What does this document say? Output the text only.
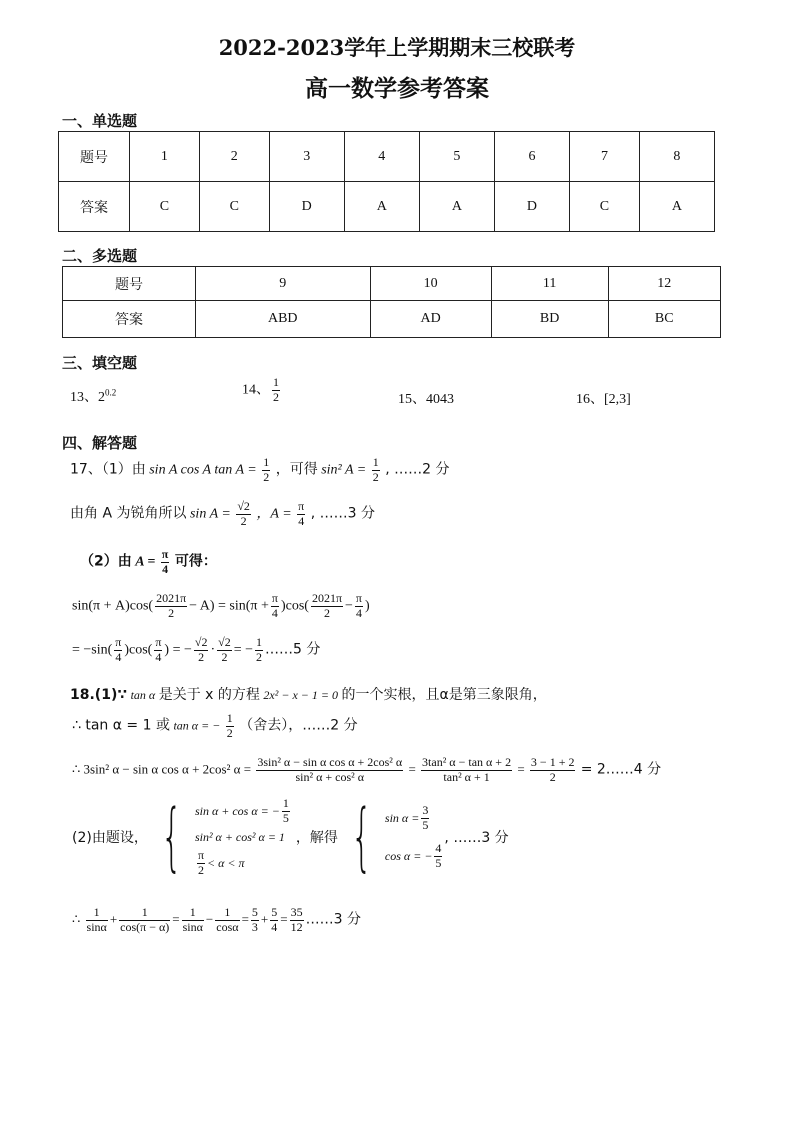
2022-2023学年上学期期末三校联考
高一数学参考答案
一、单选题
题号	1	2	3	4	5	6	7	8
答案	C	C	D	A	A	D	C	A
二、多选题
题号	9	10	11	12
答案	ABD	AD	BD	BC
三、填空题
13、$2^{0.2}$	14、 $\frac{1}{2}$	15、4043	16、[2,3]
四、解答题
17、（1）由 sin A cos A $\tan A = \frac{1}{2}$ ，可得 sin² $A = \frac{1}{2}$ , ……2 分
由角 A 为锐角所以 $\sin A = \frac{√2}{2}$ ，$A = \frac{\pi}{4}$ , ……3 分
（2）由 $A = \frac{\pi}{4}$ 可得：
$\sin(\pi + A)\cos( \frac{2021\pi}{2} - A) = \sin(\pi + \frac{\pi}{4} )\cos( \frac{2021\pi}{2} - \frac{\pi}{4}$ )
= $-\sin( \frac{\pi}{4} )\cos( \frac{\pi}{4}$ ) = − $\frac{√2}{2} \cdot \frac{√2}{2}$ = − $\frac{1}{2}$ ……5 分
18.(1)∵ tan α 是关于 x 的方程 2x² − x − 1 = 0 的一个实根，且α是第三象限角，
∴ tan α = 1 或 tan α = − $\frac{1}{2}$ （舍去），……2 分
∴ 3sin² α − sin α cos α + 2cos² $\alpha = \frac{\text{3sin² α − sin α cos α + 2cos² α}}{\text{sin² α + cos² α}} = \frac{\text{3tan² α − tan α + 2}}{\text{tan² α + 1}} = \frac{3 - 1 + 2}{2}$ = 2……4 分
(2)由题设， { sin α + cos α = − $\frac{1}{5}$
sin² α + cos² α = 1
$\frac{\pi}{2} < \alpha < \pi$
，解得 { $\sin \alpha = \frac{3}{5}$
cos α = − $\frac{4}{5}$
, ……3 分
∴ $\frac{1}{\sin\alpha} + \frac{1}{\cos(\pi - \alpha)} = \frac{1}{\sin\alpha} - \frac{1}{\cos\alpha} = \frac{5}{3} + \frac{5}{4} = \frac{35}{12}$ ……3 分
